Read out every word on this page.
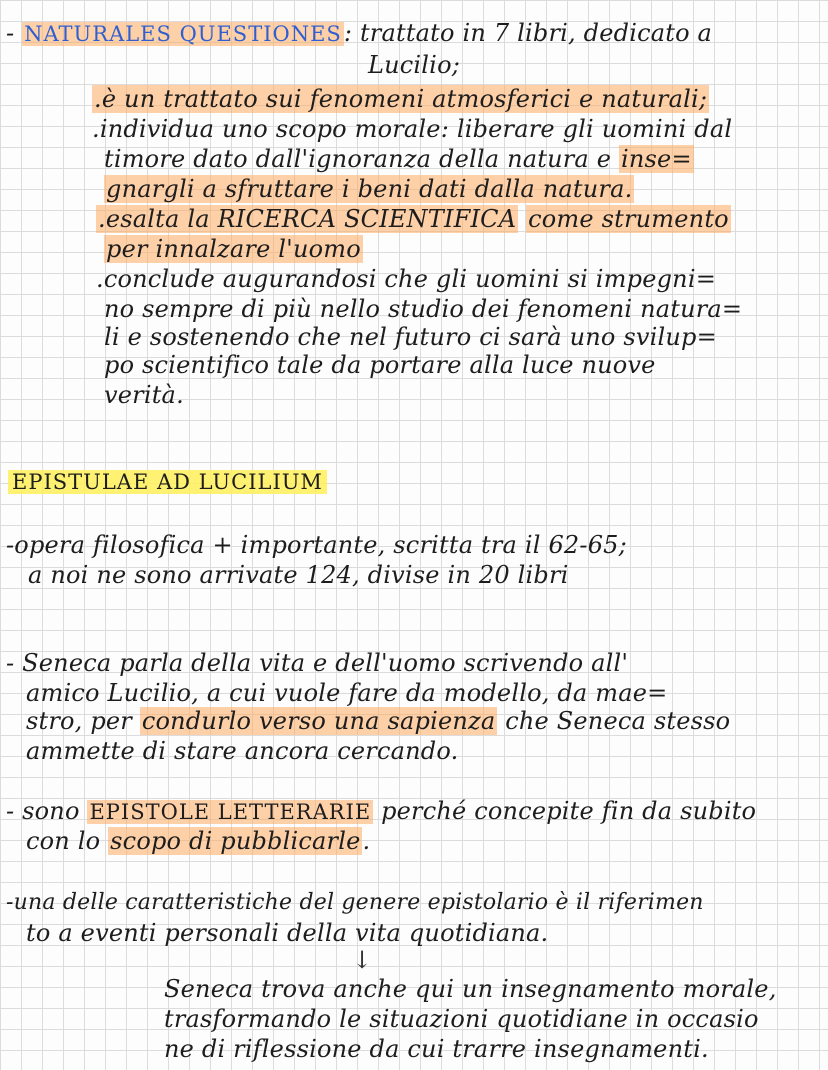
- NATURALES QUESTIONES: trattato in 7 libri, dedicato a
Lucilio;
.è un trattato sui fenomeni atmosferici e naturali;
.individua uno scopo morale: liberare gli uomini dal
timore dato dall'ignoranza della natura e inse=
gnargli a sfruttare i beni dati dalla natura.
.esalta la RICERCA SCIENTIFICA come strumento
per innalzare l'uomo
.conclude augurandosi che gli uomini si impegni=
no sempre di più nello studio dei fenomeni natura=
li e sostenendo che nel futuro ci sarà uno svilup=
po scientifico tale da portare alla luce nuove
verità.
EPISTULAE AD LUCILIUM
-opera filosofica + importante, scritta tra il 62-65;
a noi ne sono arrivate 124, divise in 20 libri
- Seneca parla della vita e dell'uomo scrivendo all'
amico Lucilio, a cui vuole fare da modello, da mae=
stro, per condurlo verso una sapienza che Seneca stesso
ammette di stare ancora cercando.
- sono EPISTOLE LETTERARIE perché concepite fin da subito
con lo scopo di pubblicarle.
-una delle caratteristiche del genere epistolario è il riferimen
to a eventi personali della vita quotidiana.
↓
Seneca trova anche qui un insegnamento morale,
trasformando le situazioni quotidiane in occasio
ne di riflessione da cui trarre insegnamenti.
